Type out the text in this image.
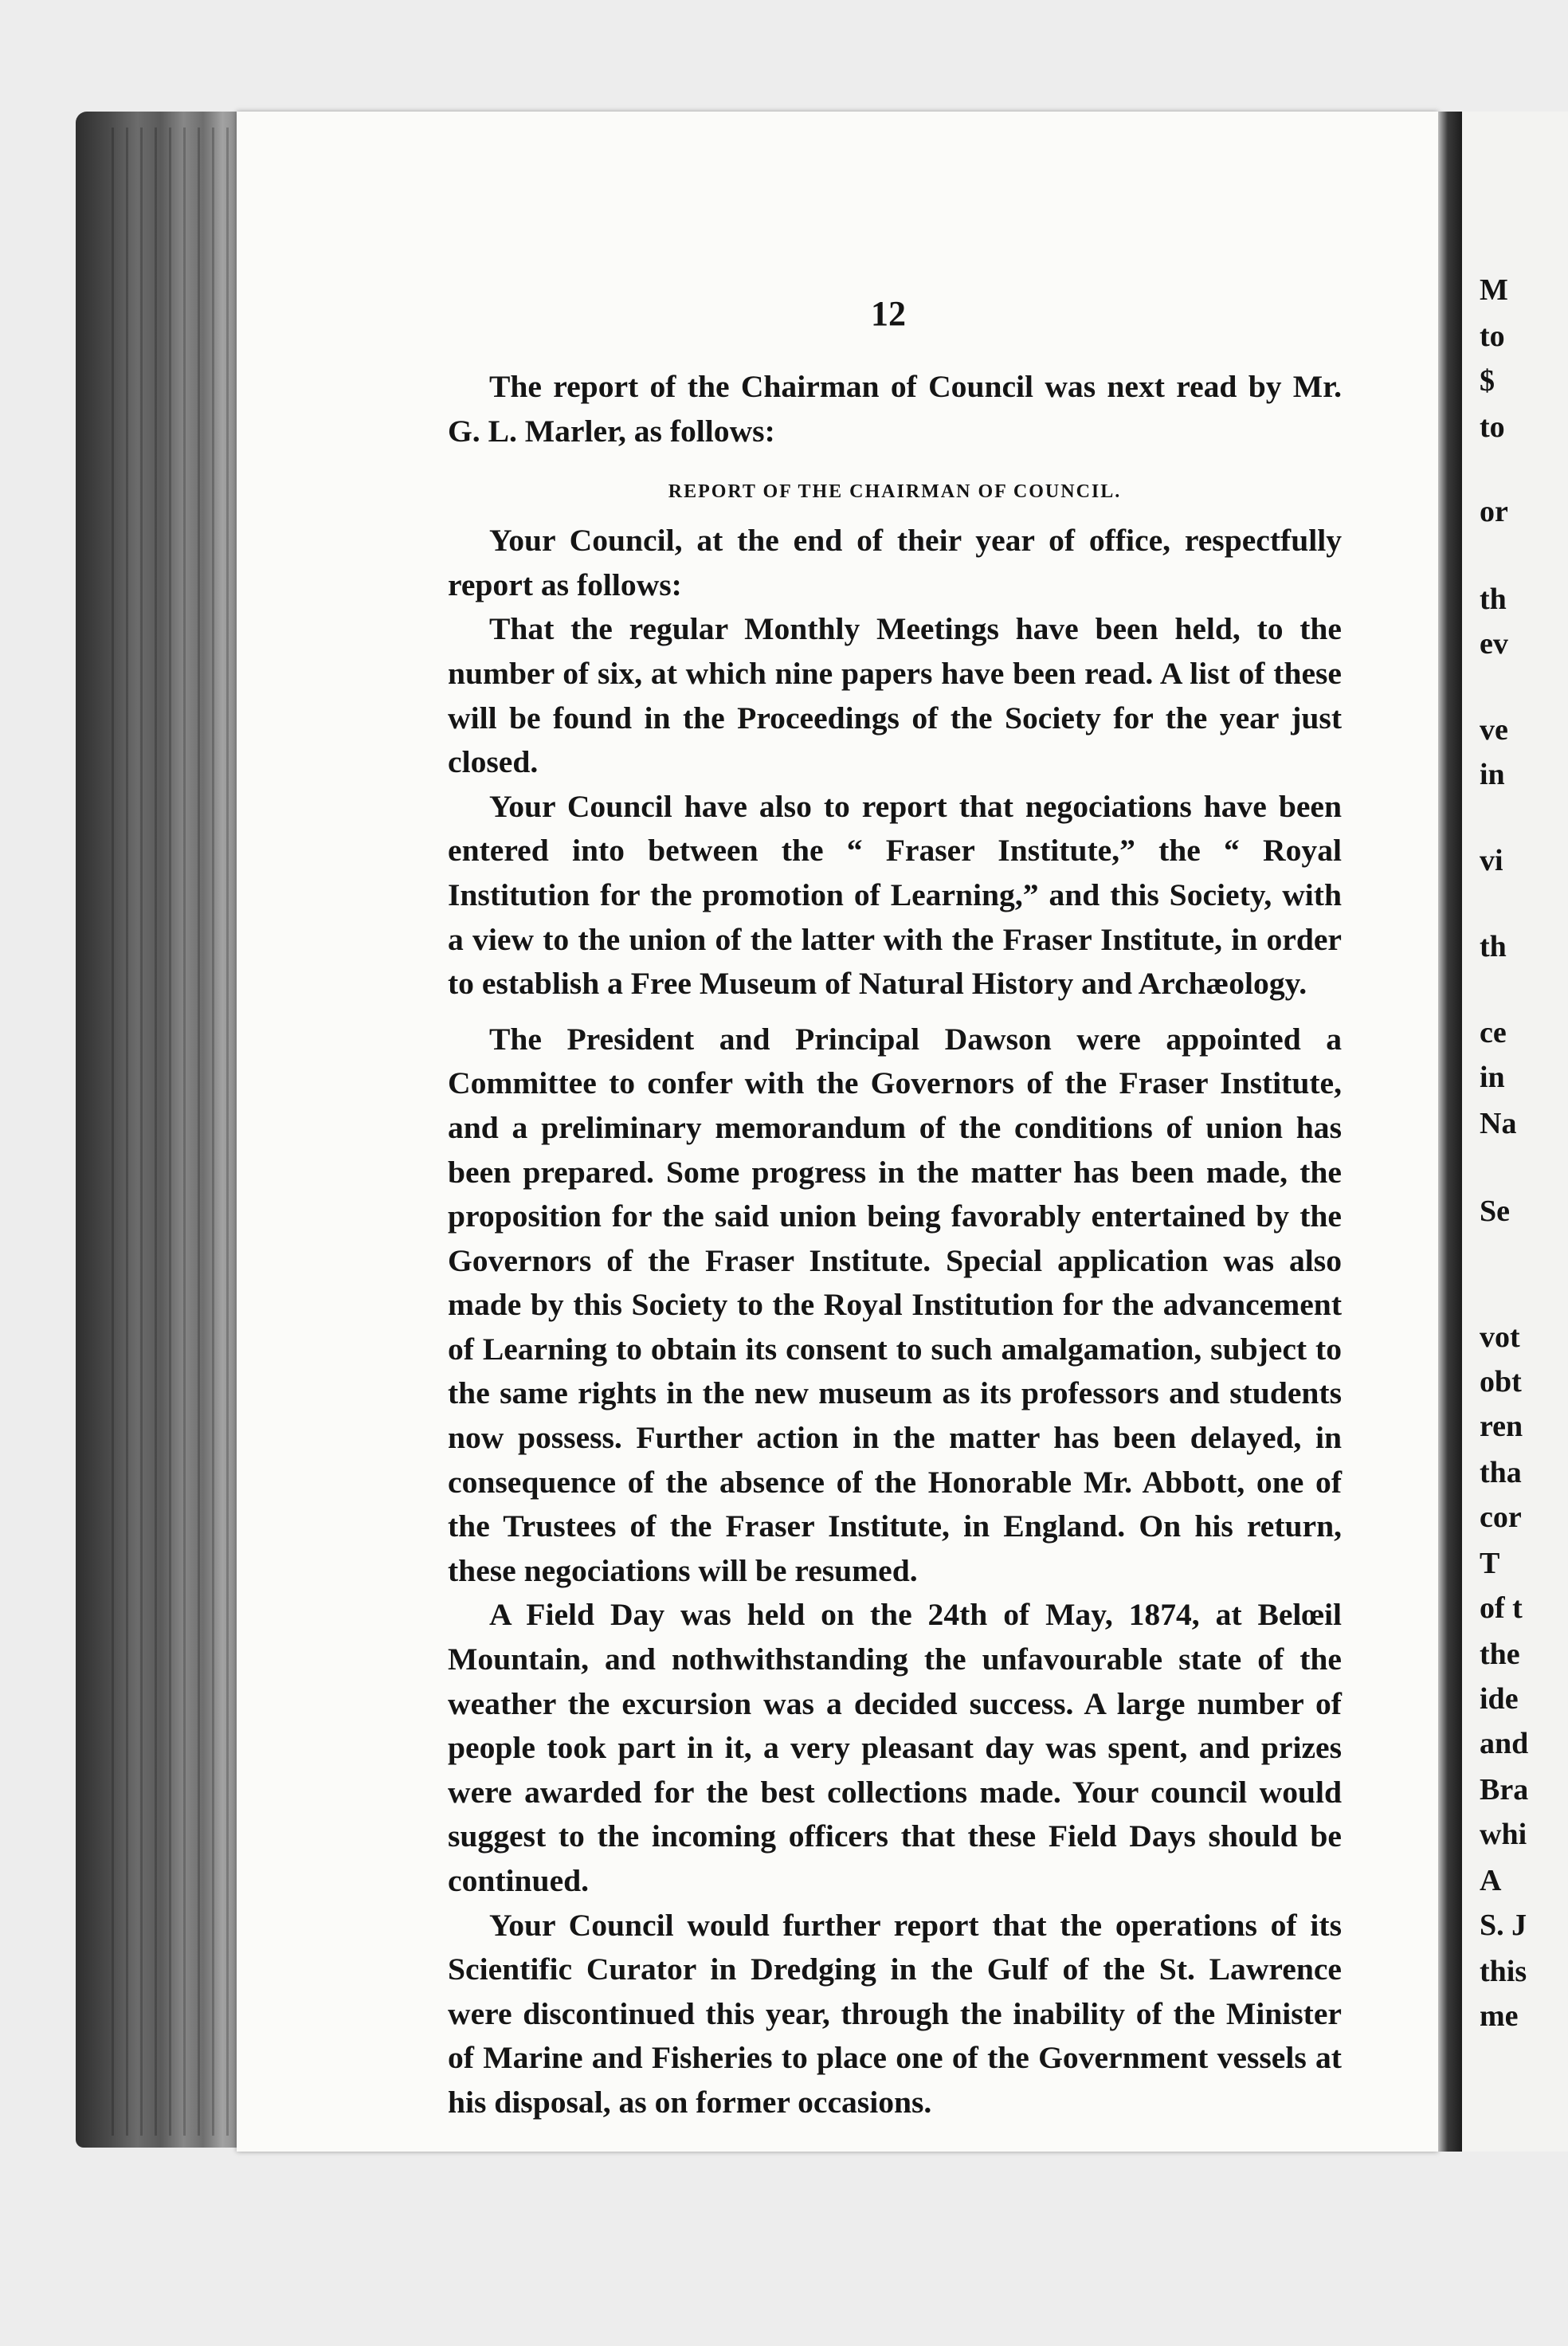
M
to
$
to
or
th
ev
ve
in
vi
th
ce
in
Na
Se
vot
obt
ren
tha
cor
T
of t
the
ide
and
Bra
whi
A
S. J
this
me
12

The report of the Chairman of Council was next read by Mr. G. L. Marler, as follows:

REPORT OF THE CHAIRMAN OF COUNCIL.

Your Council, at the end of their year of office, respectfully report as follows:

That the regular Monthly Meetings have been held, to the number of six, at which nine papers have been read. A list of these will be found in the Proceedings of the Society for the year just closed.

Your Council have also to report that negociations have been entered into between the “ Fraser Institute,” the “ Royal Institution for the promotion of Learning,” and this Society, with a view to the union of the latter with the Fraser Institute, in order to establish a Free Museum of Natural History and Archæology.

The President and Principal Dawson were appointed a Committee to confer with the Governors of the Fraser Institute, and a preliminary memorandum of the conditions of union has been prepared. Some progress in the matter has been made, the proposition for the said union being favorably entertained by the Governors of the Fraser Institute. Special application was also made by this Society to the Royal Institution for the advancement of Learning to obtain its consent to such amalgamation, subject to the same rights in the new museum as its professors and students now possess. Further action in the matter has been delayed, in consequence of the absence of the Honorable Mr. Abbott, one of the Trustees of the Fraser Institute, in England. On his return, these negociations will be resumed.

A Field Day was held on the 24th of May, 1874, at Belœil Mountain, and nothwithstanding the unfavourable state of the weather the excursion was a decided success. A large number of people took part in it, a very pleasant day was spent, and prizes were awarded for the best collections made. Your council would suggest to the incoming officers that these Field Days should be continued.

Your Council would further report that the operations of its Scientific Curator in Dredging in the Gulf of the St. Lawrence were discontinued this year, through the inability of the Minister of Marine and Fisheries to place one of the Government vessels at his disposal, as on former occasions.
